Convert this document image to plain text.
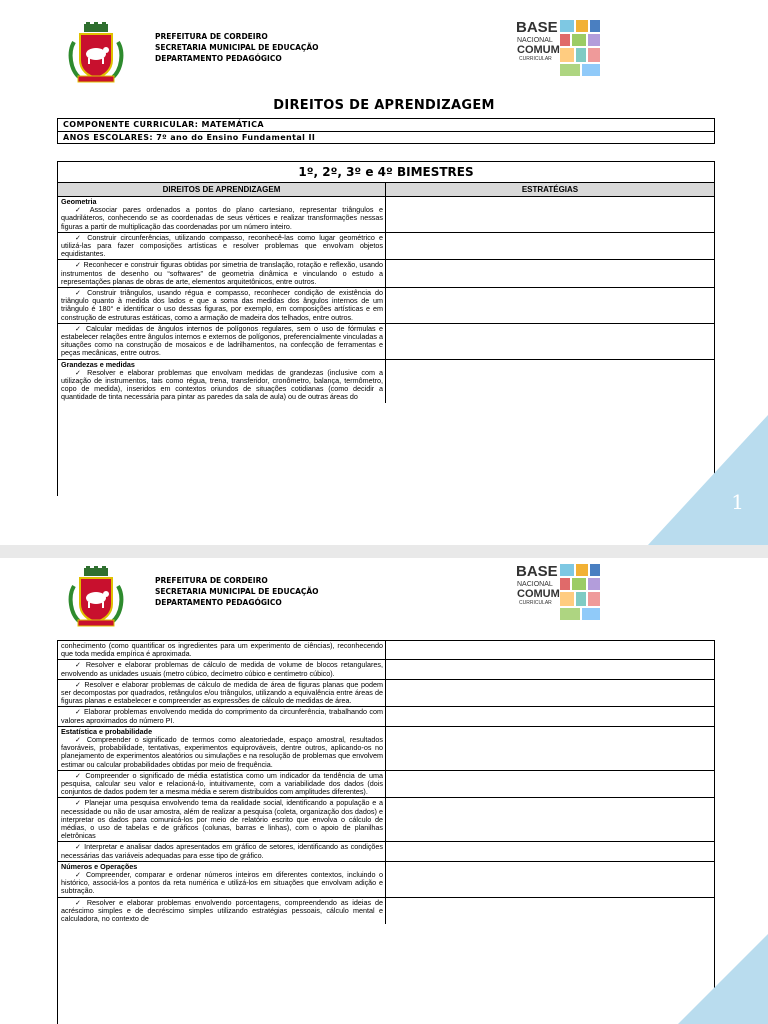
PREFEITURA DE CORDEIRO
SECRETARIA MUNICIPAL DE EDUCAÇÃO
DEPARTAMENTO PEDAGÓGICO
BASE
NACIONAL
COMUM
CURRICULAR
DIREITOS DE APRENDIZAGEM
COMPONENTE CURRICULAR: MATEMÁTICA
ANOS ESCOLARES: 7º ano do Ensino Fundamental II
1º, 2º, 3º e 4º BIMESTRES
DIREITOS DE APRENDIZAGEM	ESTRATÉGIAS
Geometria
✓ Associar pares ordenados a pontos do plano cartesiano, representar triângulos e quadriláteros, conhecendo se as coordenadas de seus vértices e realizar transformações nessas figuras a partir de multiplicação das coordenadas por um número inteiro.
✓ Construir circunferências, utilizando compasso, reconhecê-las como lugar geométrico e utilizá-las para fazer composições artísticas e resolver problemas que envolvam objetos equidistantes.
✓ Reconhecer e construir figuras obtidas por simetria de translação, rotação e reflexão, usando instrumentos de desenho ou “softwares” de geometria dinâmica e vinculando o estudo a representações planas de obras de arte, elementos arquitetônicos, entre outros.
✓ Construir triângulos, usando régua e compasso, reconhecer condição de existência do triângulo quanto à medida dos lados e que a soma das medidas dos ângulos internos de um triângulo é 180° e identificar o uso dessas figuras, por exemplo, em composições artísticas e em construção de estruturas estáticas, como a armação de madeira dos telhados, entre outros.
✓ Calcular medidas de ângulos internos de polígonos regulares, sem o uso de fórmulas e estabelecer relações entre ângulos internos e externos de polígonos, preferencialmente vinculadas a situações como na construção de mosaicos e de ladrilhamentos, na confecção de ferramentas e peças mecânicas, entre outros.
Grandezas e medidas
✓ Resolver e elaborar problemas que envolvam medidas de grandezas (inclusive com a utilização de instrumentos, tais como régua, trena, transferidor, cronômetro, balança, termômetro, copo de medida), inseridos em contextos oriundos de situações cotidianas (como decidir a quantidade de tinta necessária para pintar as paredes da sala de aula) ou de outras áreas do
1
PREFEITURA DE CORDEIRO
SECRETARIA MUNICIPAL DE EDUCAÇÃO
DEPARTAMENTO PEDAGÓGICO
BASE
NACIONAL
COMUM
CURRICULAR
conhecimento (como quantificar os ingredientes para um experimento de ciências), reconhecendo que toda medida empírica é aproximada.
✓ Resolver e elaborar problemas de cálculo de medida de volume de blocos retangulares, envolvendo as unidades usuais (metro cúbico, decímetro cúbico e centímetro cúbico).
✓ Resolver e elaborar problemas de cálculo de medida de área de figuras planas que podem ser decompostas por quadrados, retângulos e/ou triângulos, utilizando a equivalência entre áreas de figuras planas e estabelecer e compreender as expressões de cálculo de medidas de área.
✓ Elaborar problemas envolvendo medida do comprimento da circunferência, trabalhando com valores aproximados do número PI.
Estatística e probabilidade
✓ Compreender o significado de termos como aleatoriedade, espaço amostral, resultados favoráveis, probabilidade, tentativas, experimentos equiprováveis, dentre outros, aplicando-os no planejamento de experimentos aleatórios ou simulações e na resolução de problemas que envolvem estimar ou calcular probabilidades obtidas por meio de frequência.
✓ Compreender o significado de média estatística como um indicador da tendência de uma pesquisa, calcular seu valor e relacioná-lo, intuitivamente, com a variabilidade dos dados (dois conjuntos de dados podem ter a mesma média e serem distribuídos com amplitudes diferentes).
✓ Planejar uma pesquisa envolvendo tema da realidade social, identificando a população e a necessidade ou não de usar amostra, além de realizar a pesquisa (coleta, organização dos dados) e interpretar os dados para comunicá-los por meio de relatório escrito que envolva o cálculo de médias, o uso de tabelas e de gráficos (colunas, barras e linhas), com o apoio de planilhas eletrônicas
✓ Interpretar e analisar dados apresentados em gráfico de setores, identificando as condições necessárias das variáveis adequadas para esse tipo de gráfico.
Números e Operações
✓ Compreender, comparar e ordenar números inteiros em diferentes contextos, incluindo o histórico, associá-los a pontos da reta numérica e utilizá-los em situações que envolvam adição e subtração.
✓ Resolver e elaborar problemas envolvendo porcentagens, compreendendo as ideias de acréscimo simples e de decréscimo simples utilizando estratégias pessoais, cálculo mental e calculadora, no contexto de
